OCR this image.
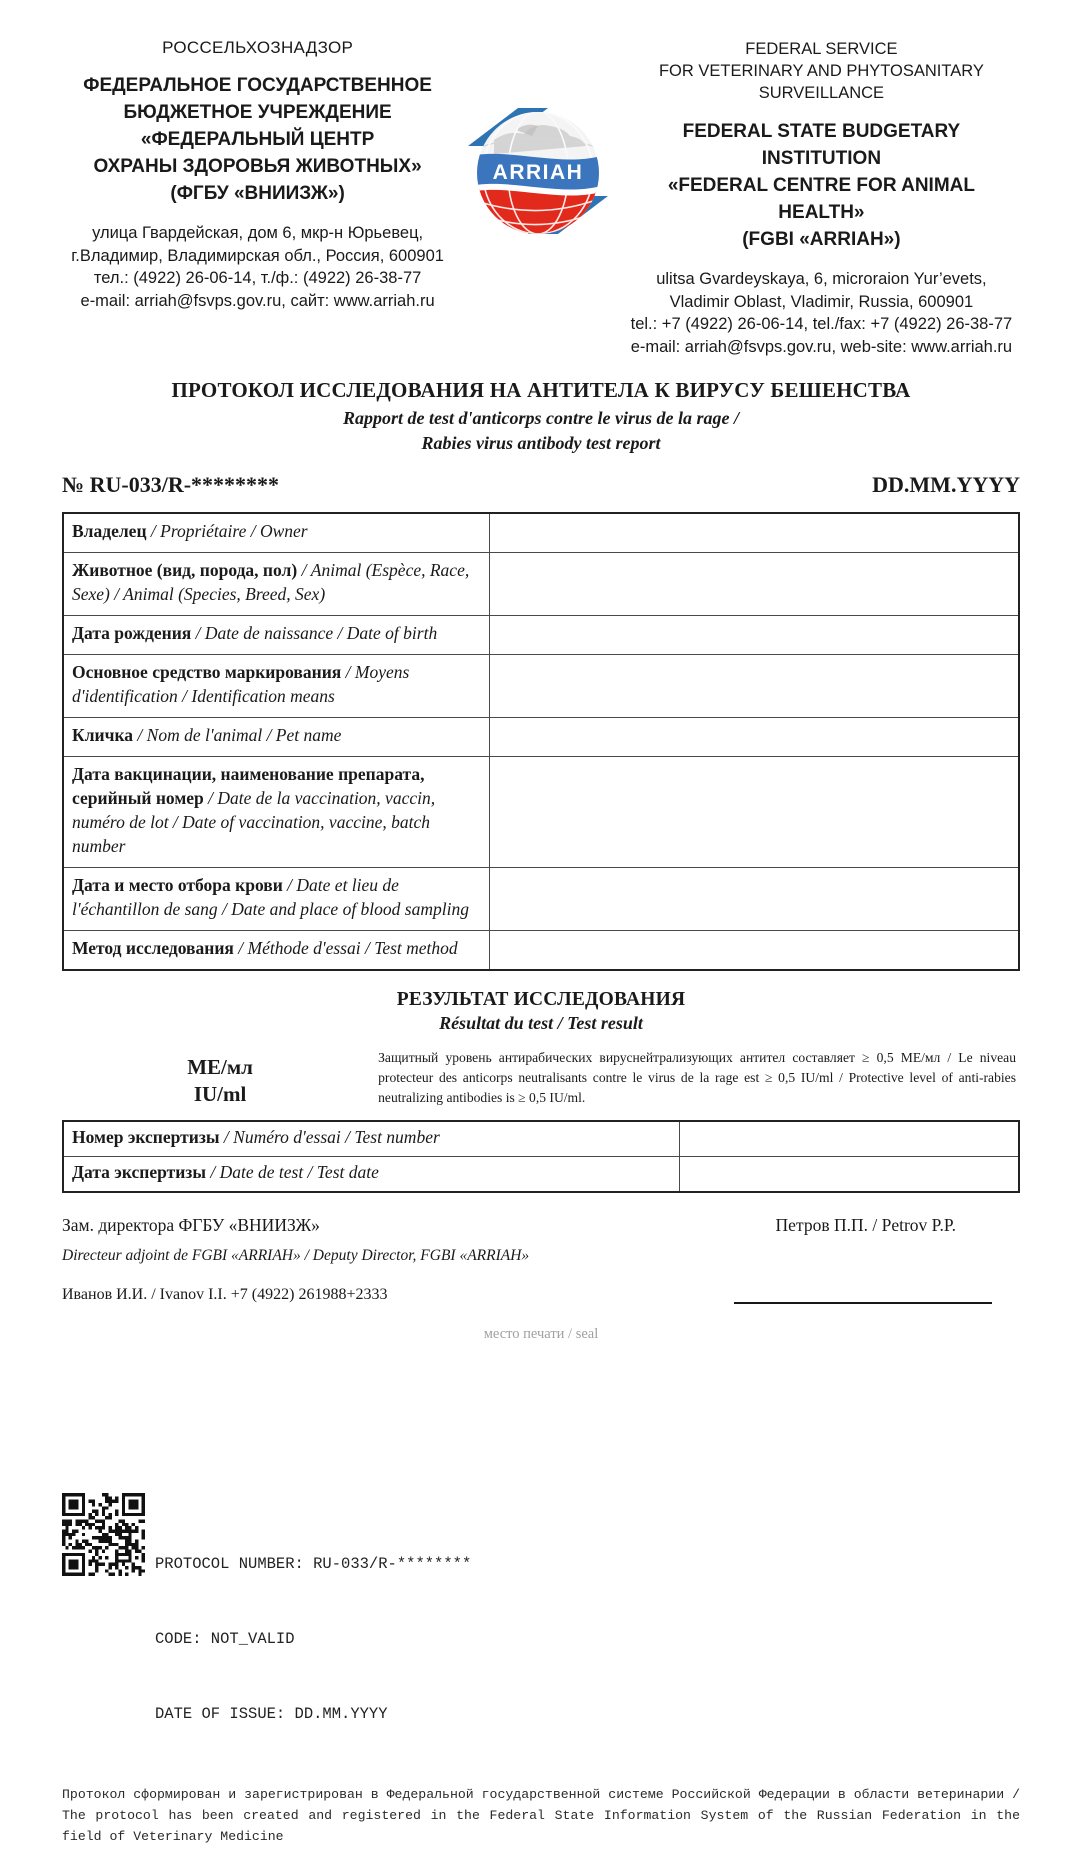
РОССЕЛЬХОЗНАДЗОР
ФЕДЕРАЛЬНОЕ ГОСУДАРСТВЕННОЕ
БЮДЖЕТНОЕ УЧРЕЖДЕНИЕ
«ФЕДЕРАЛЬНЫЙ ЦЕНТР
ОХРАНЫ ЗДОРОВЬЯ ЖИВОТНЫХ»
(ФГБУ «ВНИИЗЖ»)
улица Гвардейская, дом 6, мкр-н Юрьевец,
г.Владимир, Владимирская обл., Россия, 600901
тел.: (4922) 26-06-14, т./ф.: (4922) 26-38-77
e-mail: arriah@fsvps.gov.ru, сайт: www.arriah.ru
ARRIAH
FEDERAL SERVICE
FOR VETERINARY AND PHYTOSANITARY
SURVEILLANCE
FEDERAL STATE BUDGETARY INSTITUTION
«FEDERAL CENTRE FOR ANIMAL HEALTH»
(FGBI «ARRIAH»)
ulitsa Gvardeyskaya, 6, microraion Yur’evets,
Vladimir Oblast, Vladimir, Russia, 600901
tel.: +7 (4922) 26-06-14, tel./fax: +7 (4922) 26-38-77
e-mail: arriah@fsvps.gov.ru, web-site: www.arriah.ru
ПРОТОКОЛ ИССЛЕДОВАНИЯ НА АНТИТЕЛА К ВИРУСУ БЕШЕНСТВА
Rapport de test d'anticorps contre le virus de la rage /
Rabies virus antibody test report
№ RU-033/R-********	DD.MM.YYYY
Владелец / Propriétaire / Owner	
Животное (вид, порода, пол) / Animal (Espèce, Race, Sexe) / Animal (Species, Breed, Sex)	
Дата рождения / Date de naissance / Date of birth	
Основное средство маркирования / Moyens d'identification / Identification means	
Кличка / Nom de l'animal / Pet name	
Дата вакцинации, наименование препарата, серийный номер / Date de la vaccination, vaccin, numéro de lot / Date of vaccination, vaccine, batch number	
Дата и место отбора крови / Date et lieu de l'échantillon de sang / Date and place of blood sampling	
Метод исследования / Méthode d'essai / Test method	
РЕЗУЛЬТАТ ИССЛЕДОВАНИЯ
Résultat du test / Test result
МЕ/мл
IU/ml
Защитный уровень антирабических вируснейтрализующих антител составляет ≥ 0,5 МЕ/мл / Le niveau protecteur des anticorps neutralisants contre le virus de la rage est ≥ 0,5 IU/ml / Protective level of anti-rabies neutralizing antibodies is ≥ 0,5 IU/ml.
Номер экспертизы / Numéro d'essai / Test number	
Дата экспертизы / Date de test / Test date	
Зам. директора ФГБУ «ВНИИЗЖ»	Петров П.П. / Petrov P.P.
Directeur adjoint de FGBI «ARRIAH» / Deputy Director, FGBI «ARRIAH»
Иванов И.И. / Ivanov I.I. +7 (4922) 261988+2333
место печати / seal

PROTOCOL NUMBER: RU-033/R-********

CODE: NOT_VALID

DATE OF ISSUE: DD.MM.YYYY

Протокол сформирован и зарегистрирован в Федеральной государственной системе Российской Федерации в области ветеринарии / The protocol has been created and registered in the Federal State Information System of the Russian Federation in the field of Veterinary Medicine
